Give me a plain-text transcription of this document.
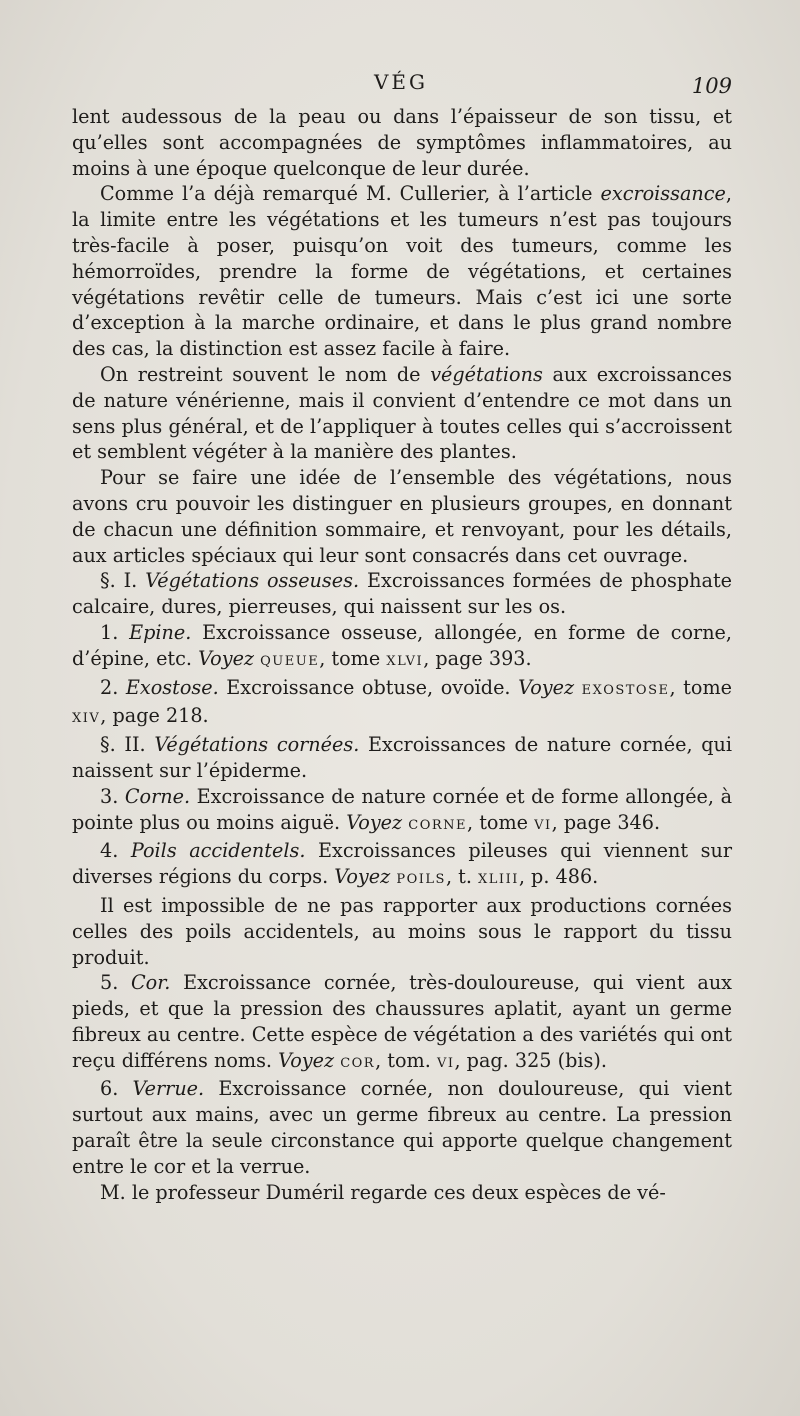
VÉG	109

lent audessous de la peau ou dans l’épaisseur de son tissu, et qu’elles sont accompagnées de symptômes inflammatoires, au moins à une époque quelconque de leur durée.

Comme l’a déjà remarqué M. Cullerier, à l’article excroissance, la limite entre les végétations et les tumeurs n’est pas toujours très-facile à poser, puisqu’on voit des tumeurs, comme les hémorroïdes, prendre la forme de végétations, et certaines végétations revêtir celle de tumeurs. Mais c’est ici une sorte d’exception à la marche ordinaire, et dans le plus grand nombre des cas, la distinction est assez facile à faire.

On restreint souvent le nom de végétations aux excroissances de nature vénérienne, mais il convient d’entendre ce mot dans un sens plus général, et de l’appliquer à toutes celles qui s’accroissent et semblent végéter à la manière des plantes.

Pour se faire une idée de l’ensemble des végétations, nous avons cru pouvoir les distinguer en plusieurs groupes, en donnant de chacun une définition sommaire, et renvoyant, pour les détails, aux articles spéciaux qui leur sont consacrés dans cet ouvrage.

§. I. Végétations osseuses. Excroissances formées de phosphate calcaire, dures, pierreuses, qui naissent sur les os.

1. Epine. Excroissance osseuse, allongée, en forme de corne, d’épine, etc. Voyez QUEUE, tome XLVI, page 393.

2. Exostose. Excroissance obtuse, ovoïde. Voyez EXOSTOSE, tome XIV, page 218.

§. II. Végétations cornées. Excroissances de nature cornée, qui naissent sur l’épiderme.

3. Corne. Excroissance de nature cornée et de forme allongée, à pointe plus ou moins aiguë. Voyez CORNE, tome VI, page 346.

4. Poils accidentels. Excroissances pileuses qui viennent sur diverses régions du corps. Voyez POILS, t. XLIII, p. 486.

Il est impossible de ne pas rapporter aux productions cornées celles des poils accidentels, au moins sous le rapport du tissu produit.

5. Cor. Excroissance cornée, très-douloureuse, qui vient aux pieds, et que la pression des chaussures aplatit, ayant un germe fibreux au centre. Cette espèce de végétation a des variétés qui ont reçu différens noms. Voyez COR, tom. VI, pag. 325 (bis).

6. Verrue. Excroissance cornée, non douloureuse, qui vient surtout aux mains, avec un germe fibreux au centre. La pression paraît être la seule circonstance qui apporte quelque changement entre le cor et la verrue.

M. le professeur Duméril regarde ces deux espèces de vé-
